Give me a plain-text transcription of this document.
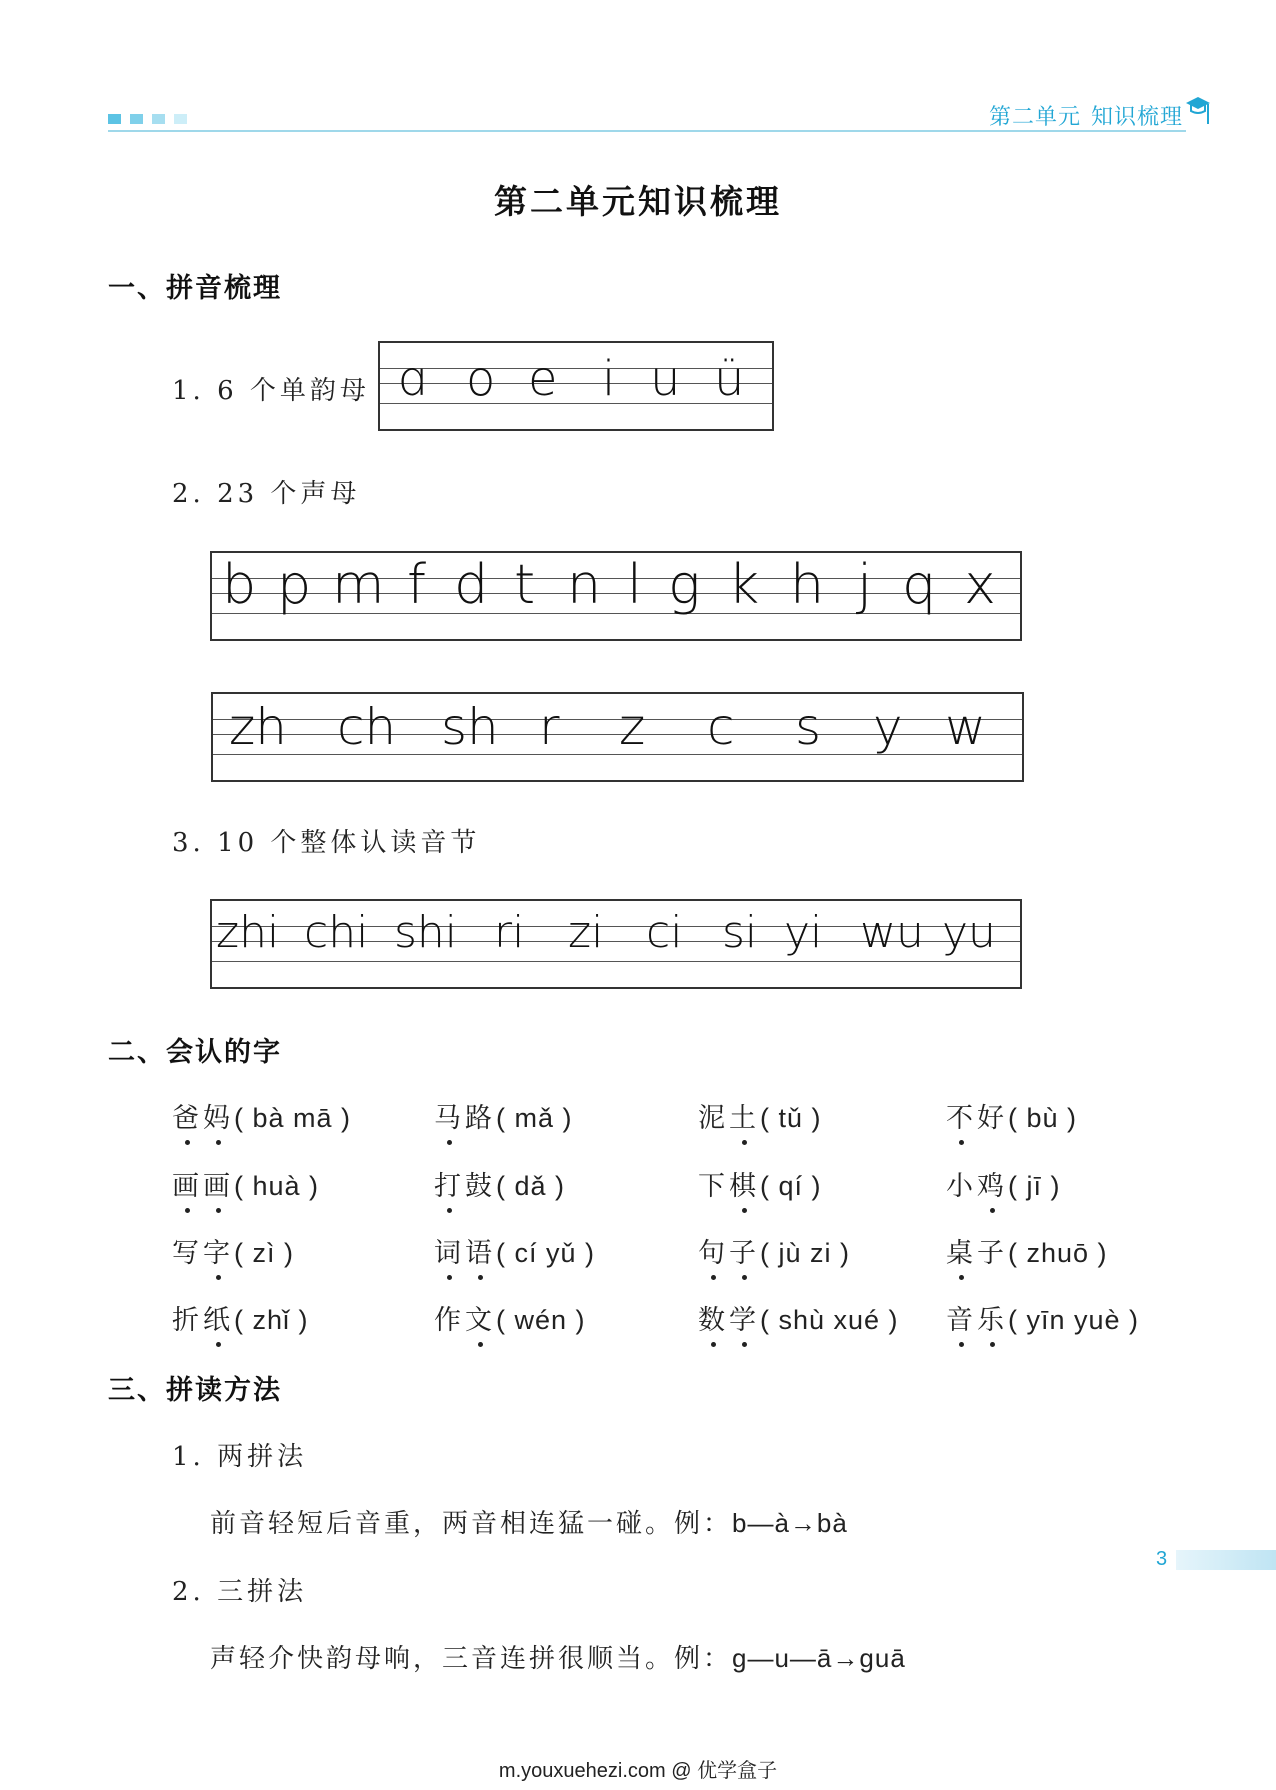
第二单元 知识梳理
第二单元知识梳理
一、拼音梳理
1. 6 个单韵母 ɑ o e i u ü
2. 23 个声母
b p m f d t n l g k h j q x
zh ch sh r z c s y w
3. 10 个整体认读音节
zhi chi shi ri zi ci si yi wu yu
二、会认的字
爸妈( bà mā )	马路( mǎ )	泥土( tǔ )	不好( bù )
画画( huà )	打鼓( dǎ )	下棋( qí )	小鸡( jī )
写字( zì )	词语( cí yǔ )	句子( jù zi )	桌子( zhuō )
折纸( zhǐ )	作文( wén )	数学( shù xué ) 音乐( yīn yuè )
三、拼读方法
1. 两拼法
前音轻短后音重，两音相连猛一碰。例：b—à→bà
2. 三拼法
声轻介快韵母响，三音连拼很顺当。例：g—u—ā→guā
3
m.youxuehezi.com @ 优学盒子
